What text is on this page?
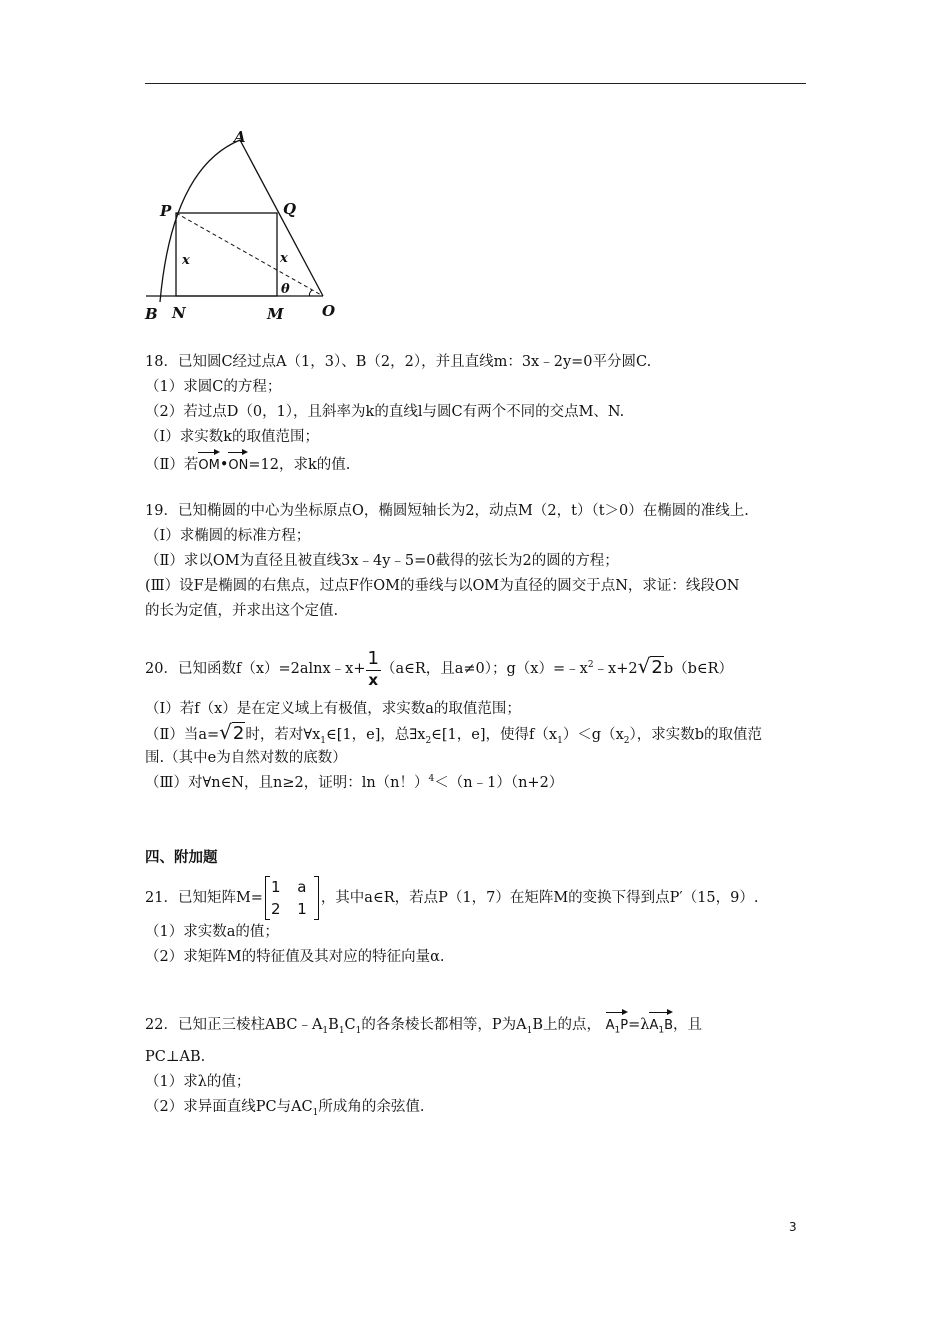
A
P	Q
B N	M	O
x	x
θ
18．已知圆C经过点A（1，3）、B（2，2），并且直线m：3x﹣2y=0平分圆C.
（1）求圆C的方程；
（2）若过点D（0，1），且斜率为k的直线l与圆C有两个不同的交点M、N.
（Ⅰ）求实数k的取值范围；
（Ⅱ）若OM•ON=12，求k的值.
19．已知椭圆的中心为坐标原点O，椭圆短轴长为2，动点M（2，t）（t＞0）在椭圆的准线上.
（Ⅰ）求椭圆的标准方程；
（Ⅱ）求以OM为直径且被直线3x﹣4y﹣5=0截得的弦长为2的圆的方程；
(Ⅲ）设F是椭圆的右焦点，过点F作OM的垂线与以OM为直径的圆交于点N，求证：线段ON
的长为定值，并求出这个定值.
20．已知函数f（x）=2alnx﹣x+ $\frac{1}{x}$ （a∈R，且a≠0）；$g(x)=﹣x^2﹣x+2√2b(b\in R)$
（Ⅰ）若f（x）是在定义域上有极值，求实数a的取值范围；
（Ⅱ）当a=√2时，若对$\forall x_1\in[1$，e]，总$\exists x_2\in[1$，e]，使得$f(x_1)<g(x_2)$，求实数b的取值范
围.（其中e为自然对数的底数）
（Ⅲ）对∀n∈N，且n≥2，证明：ln（n！）$^4$＜（n﹣1）（n+2）
四、附加题
21．已知矩阵M=
1 a
2 1
，其中a∈R，若点P（1，7）在矩阵M的变换下得到点P′（15，9）.
（1）求实数a的值；
（2）求矩阵M的特征值及其对应的特征向量α.
22．已知正三棱柱$ABC﹣A_1B_1C_1$的各条棱长都相等，P为$A_1B$上的点， $A_1P=\lambda A_1B$，且
PC⊥AB.
（1）求λ的值；
（2）求异面直线PC与$AC_1$所成角的余弦值.
3
